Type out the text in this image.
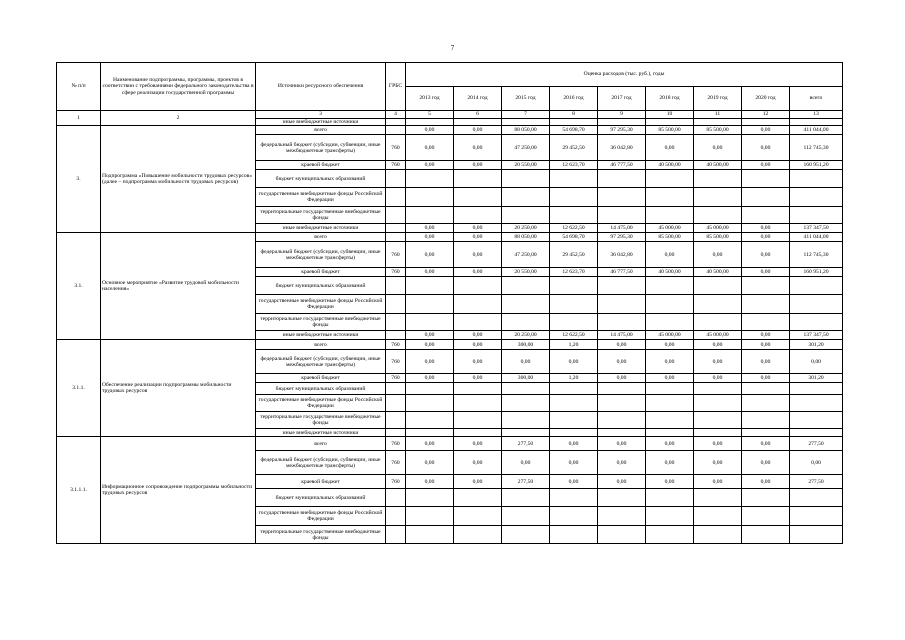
7
№ п/п	Наименование подпрограммы, программы, проектов в соответствии с требованиями федерального законодательства в сфере реализации государственной программы	Источники ресурсного обеспечения	ГРБС	Оценка расходов (тыс. руб.), годы								
				2013 год	2014 год	2015 год	2016 год	2017 год	2018 год	2019 год	2020 год	всего
1	2	3	4	5	6	7	8	9	10	11	12	13
		иные внебюджетные источники										
3.	Подпрограмма «Повышение мобильности трудовых ресурсов» (далее – подпрограмма мобильности трудовых ресурсов)	всего		0,00	0,00	88 050,00	54 698,70	97 295,30	85 500,00	85 500,00	0,00	411 044,00
		федеральный бюджет (субсидии, субвенции, иные межбюджетные трансферты)	760	0,00	0,00	47 250,00	29 452,50	36 042,80	0,00	0,00	0,00	112 745,30
		краевой бюджет	760	0,00	0,00	20 550,00	12 623,70	46 777,50	40 500,00	40 500,00	0,00	160 951,20
		бюджет муниципальных образований										
		государственные внебюджетные фонды Российской Федерации										
		территориальные государственные внебюджетные фонды										
		иные внебюджетные источники		0,00	0,00	20 250,00	12 622,50	14 475,00	45 000,00	45 000,00	0,00	137 347,50
3.1.	Основное мероприятие «Развитие трудовой мобильности населения»	всего		0,00	0,00	88 050,00	54 698,70	97 295,30	85 500,00	85 500,00	0,00	411 044,00
		федеральный бюджет (субсидии, субвенции, иные межбюджетные трансферты)	760	0,00	0,00	47 250,00	29 452,50	36 042,80	0,00	0,00	0,00	112 745,30
		краевой бюджет	760	0,00	0,00	20 550,00	12 623,70	46 777,50	40 500,00	40 500,00	0,00	160 951,20
		бюджет муниципальных образований										
		государственные внебюджетные фонды Российской Федерации										
		территориальные государственные внебюджетные фонды										
		иные внебюджетные источники		0,00	0,00	20 250,00	12 622,50	14 475,00	45 000,00	45 000,00	0,00	137 347,50
3.1.1.	Обеспечение реализации подпрограммы мобильности трудовых ресурсов	всего	760	0,00	0,00	300,00	1,20	0,00	0,00	0,00	0,00	301,20
		федеральный бюджет (субсидии, субвенции, иные межбюджетные трансферты)	760	0,00	0,00	0,00	0,00	0,00	0,00	0,00	0,00	0,00
		краевой бюджет	760	0,00	0,00	300,00	1,20	0,00	0,00	0,00	0,00	301,20
		бюджет муниципальных образований										
		государственные внебюджетные фонды Российской Федерации										
		территориальные государственные внебюджетные фонды										
		иные внебюджетные источники										
3.1.1.1.	Информационное сопровождение подпрограммы мобильности трудовых ресурсов	всего	760	0,00	0,00	277,50	0,00	0,00	0,00	0,00	0,00	277,50
		федеральный бюджет (субсидии, субвенции, иные межбюджетные трансферты)	760	0,00	0,00	0,00	0,00	0,00	0,00	0,00	0,00	0,00
		краевой бюджет	760	0,00	0,00	277,50	0,00	0,00	0,00	0,00	0,00	277,50
		бюджет муниципальных образований										
		государственные внебюджетные фонды Российской Федерации										
		территориальные государственные внебюджетные фонды										
